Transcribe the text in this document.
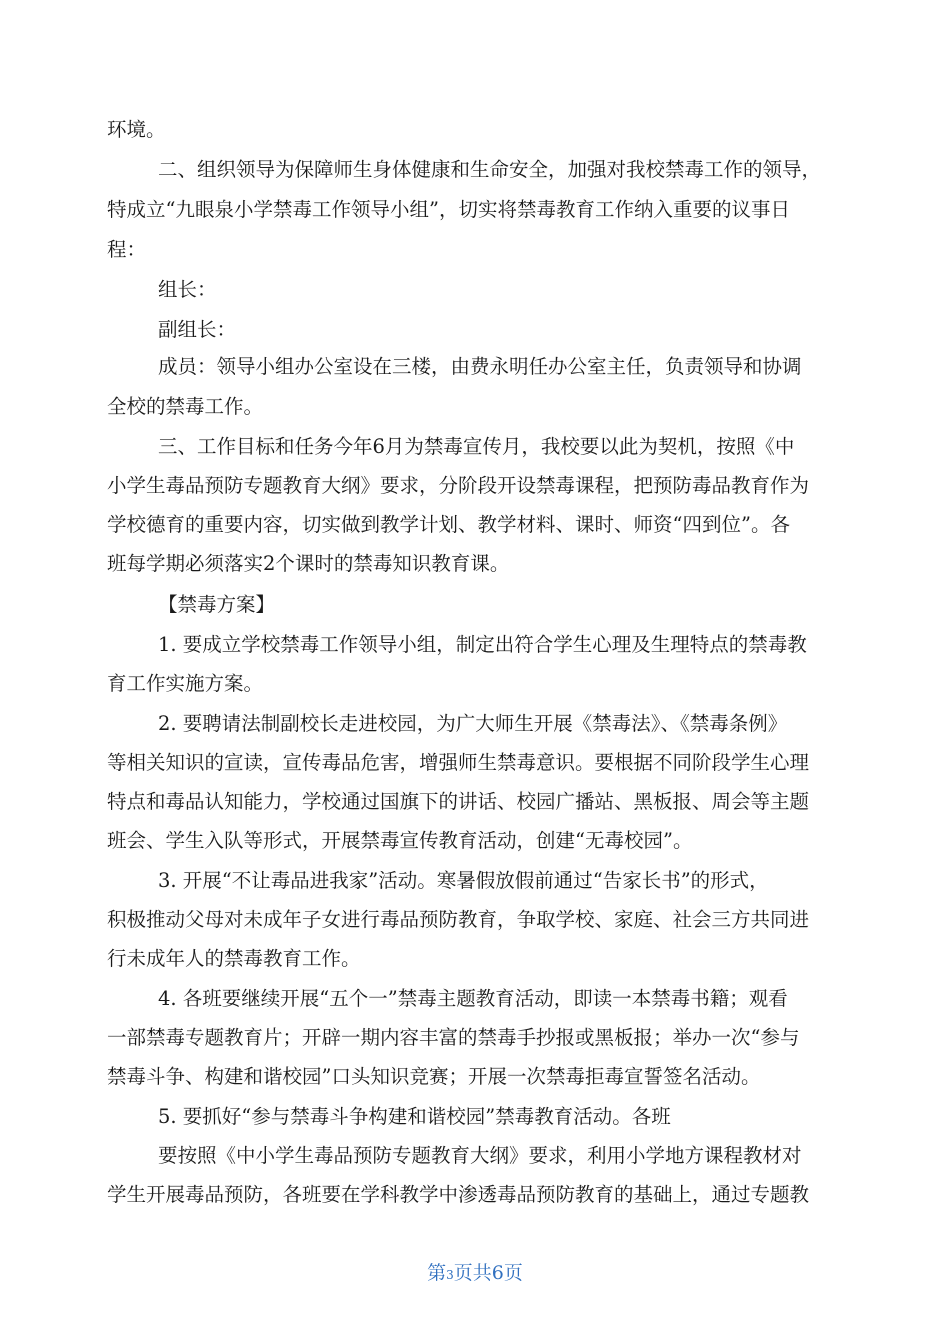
环境。

二、组织领导为保障师生身体健康和生命安全，加强对我校禁毒工作的领导，

特成立“九眼泉小学禁毒工作领导小组”，切实将禁毒教育工作纳入重要的议事日

程：

组长：

副组长：

成员：领导小组办公室设在三楼，由费永明任办公室主任，负责领导和协调

全校的禁毒工作。

三、工作目标和任务今年6月为禁毒宣传月，我校要以此为契机，按照《中

小学生毒品预防专题教育大纲》要求，分阶段开设禁毒课程，把预防毒品教育作为

学校德育的重要内容，切实做到教学计划、教学材料、课时、师资“四到位”。各

班每学期必须落实2个课时的禁毒知识教育课。

【禁毒方案】

1. 要成立学校禁毒工作领导小组，制定出符合学生心理及生理特点的禁毒教

育工作实施方案。

2. 要聘请法制副校长走进校园，为广大师生开展《禁毒法》、《禁毒条例》

等相关知识的宣读，宣传毒品危害，增强师生禁毒意识。要根据不同阶段学生心理

特点和毒品认知能力，学校通过国旗下的讲话、校园广播站、黑板报、周会等主题

班会、学生入队等形式，开展禁毒宣传教育活动，创建“无毒校园”。

3. 开展“不让毒品进我家”活动。寒暑假放假前通过“告家长书”的形式，

积极推动父母对未成年子女进行毒品预防教育，争取学校、家庭、社会三方共同进

行未成年人的禁毒教育工作。

4. 各班要继续开展“五个一”禁毒主题教育活动，即读一本禁毒书籍；观看

一部禁毒专题教育片；开辟一期内容丰富的禁毒手抄报或黑板报；举办一次“参与

禁毒斗争、构建和谐校园”口头知识竞赛；开展一次禁毒拒毒宣誓签名活动。

5. 要抓好“参与禁毒斗争构建和谐校园”禁毒教育活动。各班

要按照《中小学生毒品预防专题教育大纲》要求，利用小学地方课程教材对

学生开展毒品预防，各班要在学科教学中渗透毒品预防教育的基础上，通过专题教

第3页共6页
